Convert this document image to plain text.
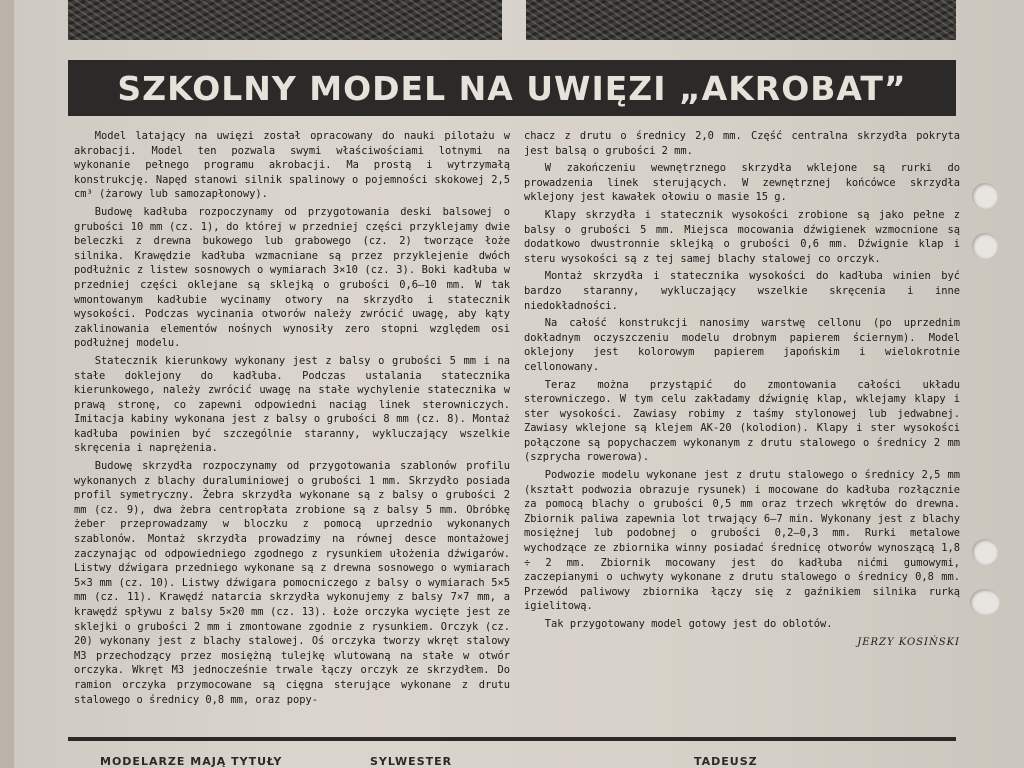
SZKOLNY MODEL NA UWIĘZI „AKROBAT”

Model latający na uwięzi został opracowany do nauki pilotażu w akrobacji. Model ten pozwala swymi właściwościami lotnymi na wykonanie pełnego programu akrobacji. Ma prostą i wytrzymałą konstrukcję. Napęd stanowi silnik spalinowy o pojemności skokowej 2,5 cm³ (żarowy lub samozapłonowy).

Budowę kadłuba rozpoczynamy od przygotowania deski balsowej o grubości 10 mm (cz. 1), do której w przedniej części przyklejamy dwie beleczki z drewna bukowego lub grabowego (cz. 2) tworzące łoże silnika. Krawędzie kadłuba wzmacniane są przez przyklejenie dwóch podłużnic z listew sosnowych o wymiarach 3×10 (cz. 3). Boki kadłuba w przedniej części oklejane są sklejką o grubości 0,6—10 mm. W tak wmontowanym kadłubie wycinamy otwory na skrzydło i statecznik wysokości. Podczas wycinania otworów należy zwrócić uwagę, aby kąty zaklinowania elementów nośnych wynosiły zero stopni względem osi podłużnej modelu.

Statecznik kierunkowy wykonany jest z balsy o grubości 5 mm i na stałe doklejony do kadłuba. Podczas ustalania statecznika kierunkowego, należy zwrócić uwagę na stałe wychylenie statecznika w prawą stronę, co zapewni odpowiedni naciąg linek sterowniczych. Imitacja kabiny wykonana jest z balsy o grubości 8 mm (cz. 8). Montaż kadłuba powinien być szczególnie staranny, wykluczający wszelkie skręcenia i naprężenia.

Budowę skrzydła rozpoczynamy od przygotowania szablonów profilu wykonanych z blachy duraluminiowej o grubości 1 mm. Skrzydło posiada profil symetryczny. Żebra skrzydła wykonane są z balsy o grubości 2 mm (cz. 9), dwa żebra centropłata zrobione są z balsy 5 mm. Obróbkę żeber przeprowadzamy w bloczku z pomocą uprzednio wykonanych szablonów. Montaż skrzydła prowadzimy na równej desce montażowej zaczynając od odpowiedniego zgodnego z rysunkiem ułożenia dźwigarów. Listwy dźwigara przedniego wykonane są z drewna sosnowego o wymiarach 5×3 mm (cz. 10). Listwy dźwigara pomocniczego z balsy o wymiarach 5×5 mm (cz. 11). Krawędź natarcia skrzydła wykonujemy z balsy 7×7 mm, a krawędź spływu z balsy 5×20 mm (cz. 13). Łoże orczyka wycięte jest ze sklejki o grubości 2 mm i zmontowane zgodnie z rysunkiem. Orczyk (cz. 20) wykonany jest z blachy stalowej. Oś orczyka tworzy wkręt stalowy M3 przechodzący przez mosiężną tulejkę wlutowaną na stałe w otwór orczyka. Wkręt M3 jednocześnie trwale łączy orczyk ze skrzydłem. Do ramion orczyka przymocowane są cięgna sterujące wykonane z drutu stalowego o średnicy 0,8 mm, oraz popy-

chacz z drutu o średnicy 2,0 mm. Część centralna skrzydła pokryta jest balsą o grubości 2 mm.

W zakończeniu wewnętrznego skrzydła wklejone są rurki do prowadzenia linek sterujących. W zewnętrznej końcówce skrzydła wklejony jest kawałek ołowiu o masie 15 g.

Klapy skrzydła i statecznik wysokości zrobione są jako pełne z balsy o grubości 5 mm. Miejsca mocowania dźwigienek wzmocnione są dodatkowo dwustronnie sklejką o grubości 0,6 mm. Dźwignie klap i steru wysokości są z tej samej blachy stalowej co orczyk.

Montaż skrzydła i statecznika wysokości do kadłuba winien być bardzo staranny, wykluczający wszelkie skręcenia i inne niedokładności.

Na całość konstrukcji nanosimy warstwę cellonu (po uprzednim dokładnym oczyszczeniu modelu drobnym papierem ściernym). Model oklejony jest kolorowym papierem japońskim i wielokrotnie cellonowany.

Teraz można przystąpić do zmontowania całości układu sterowniczego. W tym celu zakładamy dźwignię klap, wklejamy klapy i ster wysokości. Zawiasy robimy z taśmy stylonowej lub jedwabnej. Zawiasy wklejone są klejem AK-20 (kolodion). Klapy i ster wysokości połączone są popychaczem wykonanym z drutu stalowego o średnicy 2 mm (szprycha rowerowa).

Podwozie modelu wykonane jest z drutu stalowego o średnicy 2,5 mm (kształt podwozia obrazuje rysunek) i mocowane do kadłuba rozłącznie za pomocą blachy o grubości 0,5 mm oraz trzech wkrętów do drewna. Zbiornik paliwa zapewnia lot trwający 6—7 min. Wykonany jest z blachy mosiężnej lub podobnej o grubości 0,2—0,3 mm. Rurki metalowe wychodzące ze zbiornika winny posiadać średnicę otworów wynoszącą 1,8 ÷ 2 mm. Zbiornik mocowany jest do kadłuba nićmi gumowymi, zaczepianymi o uchwyty wykonane z drutu stalowego o średnicy 0,8 mm. Przewód paliwowy zbiornika łączy się z gaźnikiem silnika rurką igielitową.

Tak przygotowany model gotowy jest do oblotów.

JERZY KOSIŃSKI
MODELARZE MAJĄ TYTUŁY	SYLWESTER	TADEUSZ
